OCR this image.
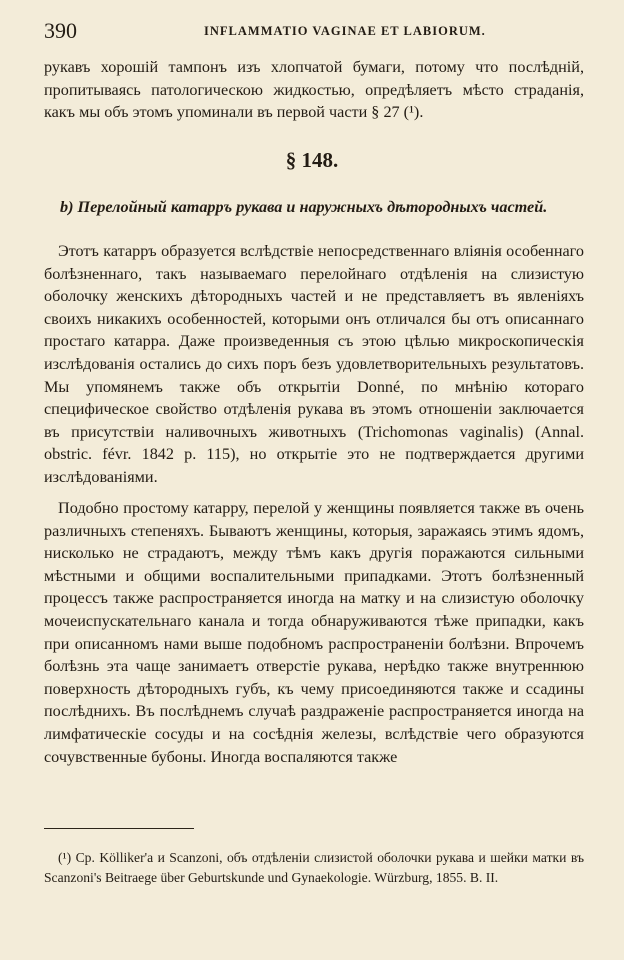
390	INFLAMMATIO VAGINAE ET LABIORUM.

рукавъ хорошій тампонъ изъ хлопчатой бумаги, потому что послѣдній, пропитываясь патологическою жидкостью, опредѣляетъ мѣсто страданія, какъ мы объ этомъ упоминали въ первой части § 27 (¹).

§ 148.
b) Перелойный катарръ рукава и наружныхъ дѣтородныхъ частей.

Этотъ катарръ образуется вслѣдствіе непосредственнаго вліянія особеннаго болѣзненнаго, такъ называемаго перелойнаго отдѣленія на слизистую оболочку женскихъ дѣтородныхъ частей и не представляетъ въ явленіяхъ своихъ никакихъ особенностей, которыми онъ отличался бы отъ описаннаго простаго катарра. Даже произведенныя съ этою цѣлью микроскопическія изслѣдованія остались до сихъ поръ безъ удовлетворительныхъ результатовъ. Мы упомянемъ также объ открытіи Donné, по мнѣнію котораго специфическое свойство отдѣленія рукава въ этомъ отношеніи заключается въ присутствіи наливочныхъ животныхъ (Trichomonas vaginalis) (Annal. obstric. févr. 1842 p. 115), но открытіе это не подтверждается другими изслѣдованіями.

Подобно простому катарру, перелой у женщины появляется также въ очень различныхъ степеняхъ. Бываютъ женщины, которыя, заражаясь этимъ ядомъ, нисколько не страдаютъ, между тѣмъ какъ другія поражаются сильными мѣстными и общими воспалительными припадками. Этотъ болѣзненный процессъ также распространяется иногда на матку и на слизистую оболочку мочеиспускательнаго канала и тогда обнаруживаются тѣже припадки, какъ при описанномъ нами выше подобномъ распространеніи болѣзни. Впрочемъ болѣзнь эта чаще занимаетъ отверстіе рукава, нерѣдко также внутреннюю поверхность дѣтородныхъ губъ, къ чему присоединяются также и ссадины послѣднихъ. Въ послѣднемъ случаѣ раздраженіе распространяется иногда на лимфатическіе сосуды и на сосѣднія железы, вслѣдствіе чего образуются сочувственные бубоны. Иногда воспаляются также

(¹) Ср. Kölliker'a и Scanzoni, объ отдѣленіи слизистой оболочки рукава и шейки матки въ Scanzoni's Beitraege über Geburtskunde und Gynaekologie. Würzburg, 1855. B. II.
